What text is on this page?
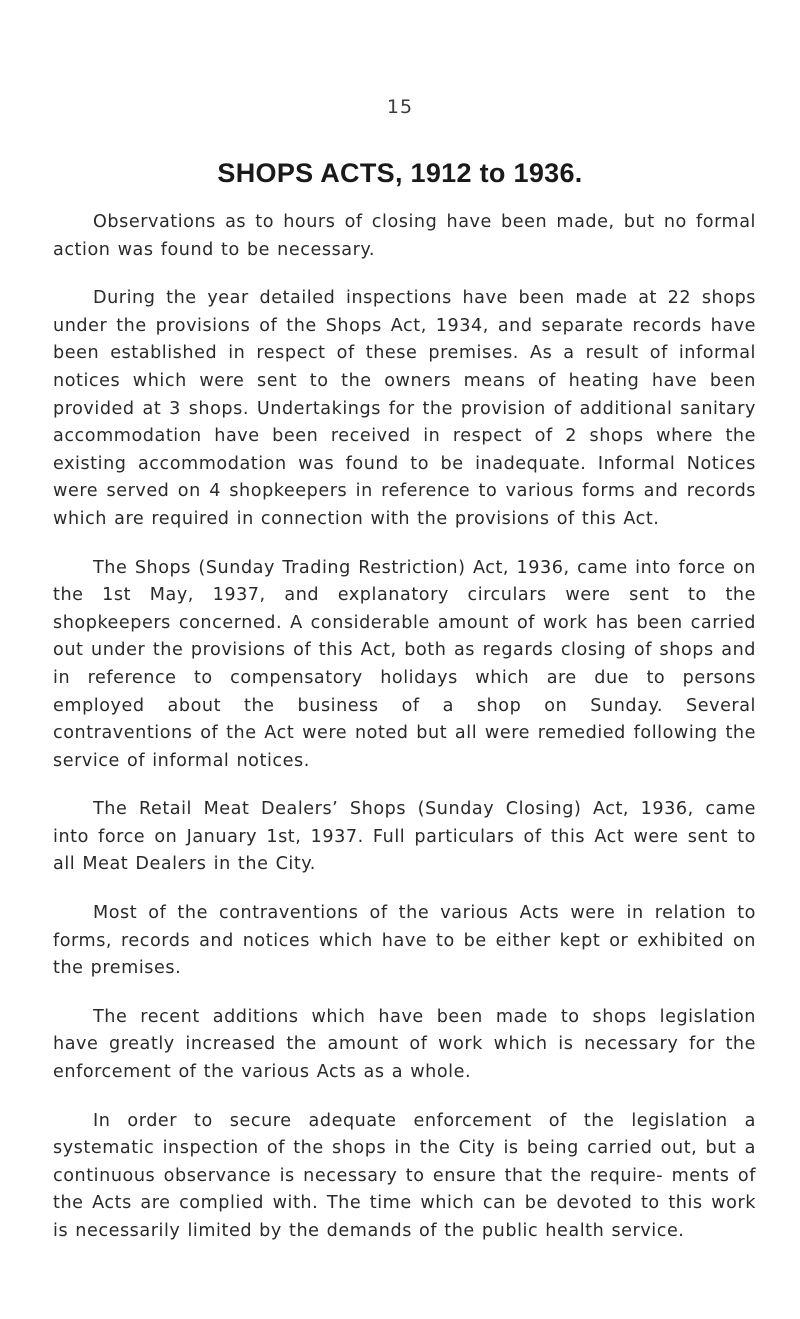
15
SHOPS ACTS, 1912 to 1936.

Observations as to hours of closing have been made, but no formal action was found to be necessary.

During the year detailed inspections have been made at 22 shops under the provisions of the Shops Act, 1934, and separate records have been established in respect of these premises. As a result of informal notices which were sent to the owners means of heating have been provided at 3 shops. Undertakings for the provision of additional sanitary accommodation have been received in respect of 2 shops where the existing accommodation was found to be inadequate. Informal Notices were served on 4 shopkeepers in reference to various forms and records which are required in connection with the provisions of this Act.

The Shops (Sunday Trading Restriction) Act, 1936, came into force on the 1st May, 1937, and explanatory circulars were sent to the shopkeepers concerned. A considerable amount of work has been carried out under the provisions of this Act, both as regards closing of shops and in reference to compensatory holidays which are due to persons employed about the business of a shop on Sunday. Several contraventions of the Act were noted but all were remedied following the service of informal notices.

The Retail Meat Dealers’ Shops (Sunday Closing) Act, 1936, came into force on January 1st, 1937. Full particulars of this Act were sent to all Meat Dealers in the City.

Most of the contraventions of the various Acts were in relation to forms, records and notices which have to be either kept or exhibited on the premises.

The recent additions which have been made to shops legislation have greatly increased the amount of work which is necessary for the enforcement of the various Acts as a whole.

In order to secure adequate enforcement of the legislation a systematic inspection of the shops in the City is being carried out, but a continuous observance is necessary to ensure that the require- ments of the Acts are complied with. The time which can be devoted to this work is necessarily limited by the demands of the public health service.
